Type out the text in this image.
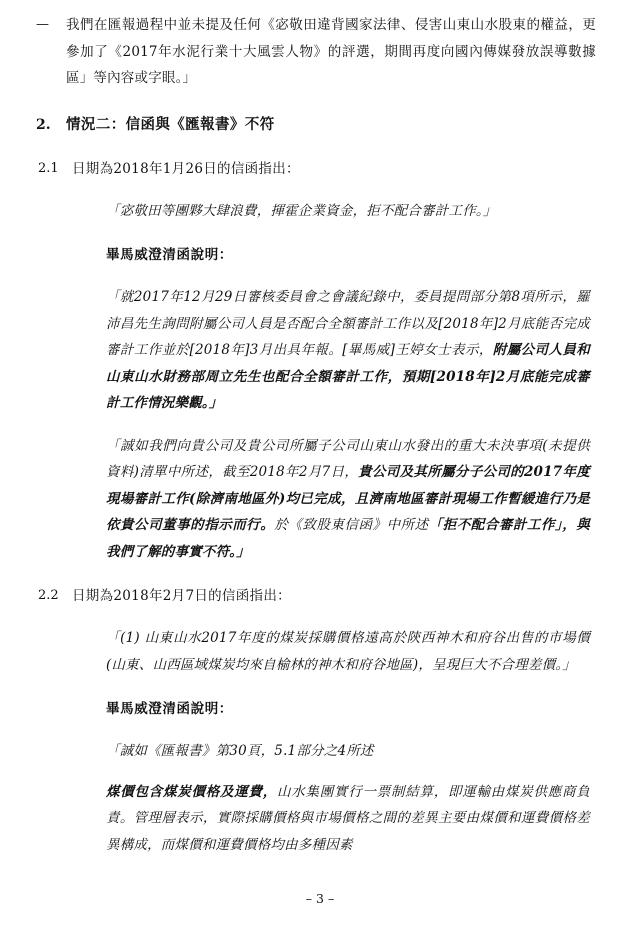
—	我們在匯報過程中並未提及任何《宓敬田違背國家法律、侵害山東山水股東的權益，更參加了《2017年水泥行業十大風雲人物》的評選，期間再度向國內傳媒發放誤導數據區」等內容或字眼。」
2.	情況二：信函與《匯報書》不符
2.1 日期為2018年1月26日的信函指出：
「宓敬田等團夥大肆浪費，揮霍企業資金，拒不配合審計工作。」
畢馬威澄清函說明：
「就2017年12月29日審核委員會之會議紀錄中，委員提問部分第8項所示，羅沛昌先生詢問附屬公司人員是否配合全額審計工作以及[2018年]2月底能否完成審計工作並於[2018年]3月出具年報。[畢馬威]王婷女士表示，附屬公司人員和山東山水財務部周立先生也配合全額審計工作，預期[2018年]2月底能完成審計工作情況樂觀。」
「誠如我們向貴公司及貴公司所屬子公司山東山水發出的重大未決事項(未提供資料)清單中所述，截至2018年2月7日，貴公司及其所屬分子公司的2017年度現場審計工作(除濟南地區外)均已完成，且濟南地區審計現場工作暫緩進行乃是依貴公司董事的指示而行。於《致股東信函》中所述「拒不配合審計工作」，與我們了解的事實不符。」
2.2 日期為2018年2月7日的信函指出：
「(1) 山東山水2017年度的煤炭採購價格遠高於陝西神木和府谷出售的市場價(山東、山西區域煤炭均來自榆林的神木和府谷地區)，呈現巨大不合理差價。」
畢馬威澄清函說明：
「誠如《匯報書》第30頁，5.1部分之4所述
煤價包含煤炭價格及運費，山水集團實行一票制結算，即運輸由煤炭供應商負責。管理層表示，實際採購價格與市場價格之間的差異主要由煤價和運費價格差異構成，而煤價和運費價格均由多種因素
– 3 –
